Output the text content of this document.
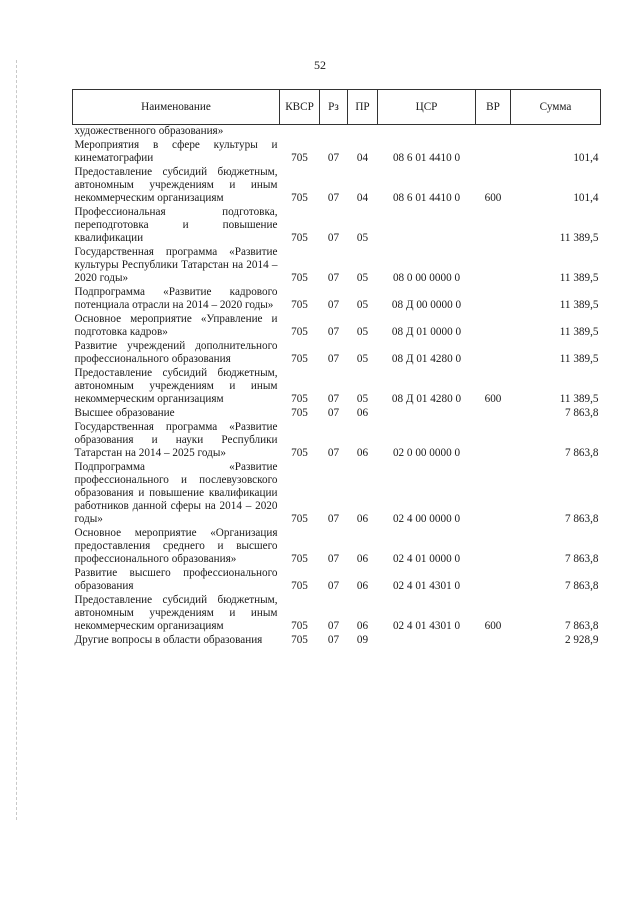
52
Наименование	КВСР	Рз	ПР	ЦСР	ВР	Сумма
художественного образования»						
Мероприятия в сфере культуры и кинематографии	705	07	04	08 6 01 4410 0		101,4
Предоставление субсидий бюджетным, автономным учреждениям и иным некоммерческим организациям	705	07	04	08 6 01 4410 0	600	101,4
Профессиональная подготовка, переподготовка и повышение квалификации	705	07	05			11 389,5
Государственная программа «Развитие культуры Республики Татарстан на 2014 – 2020 годы»	705	07	05	08 0 00 0000 0		11 389,5
Подпрограмма «Развитие кадрового потенциала отрасли на 2014 – 2020 годы»	705	07	05	08 Д 00 0000 0		11 389,5
Основное мероприятие «Управление и подготовка кадров»	705	07	05	08 Д 01 0000 0		11 389,5
Развитие учреждений дополнительного профессионального образования	705	07	05	08 Д 01 4280 0		11 389,5
Предоставление субсидий бюджетным, автономным учреждениям и иным некоммерческим организациям	705	07	05	08 Д 01 4280 0	600	11 389,5
Высшее образование	705	07	06			7 863,8
Государственная программа «Развитие образования и науки Республики Татарстан на 2014 – 2025 годы»	705	07	06	02 0 00 0000 0		7 863,8
Подпрограмма «Развитие профессионального и послевузовского образования и повышение квалификации работников данной сферы на 2014 – 2020 годы»	705	07	06	02 4 00 0000 0		7 863,8
Основное мероприятие «Организация предоставления среднего и высшего профессионального образования»	705	07	06	02 4 01 0000 0		7 863,8
Развитие высшего профессионального образования	705	07	06	02 4 01 4301 0		7 863,8
Предоставление субсидий бюджетным, автономным учреждениям и иным некоммерческим организациям	705	07	06	02 4 01 4301 0	600	7 863,8
Другие вопросы в области образования	705	07	09			2 928,9
